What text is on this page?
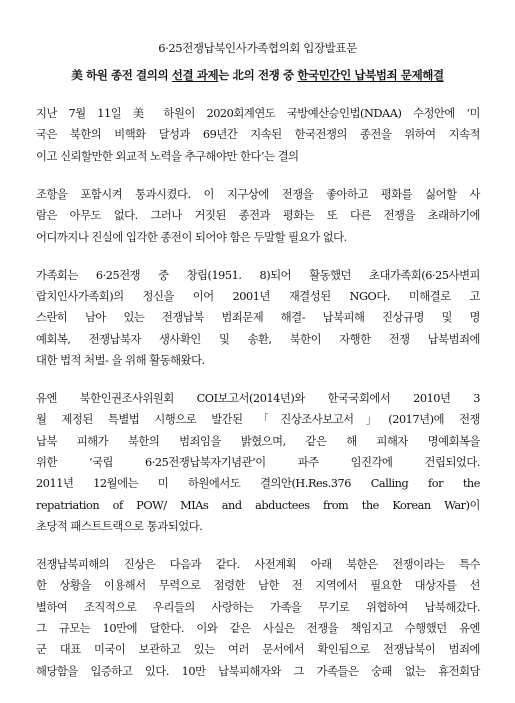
6·25전쟁납북인사가족협의회 입장발표문
美 하원 종전 결의의 선결 과제는 北의 전쟁 중 한국민간인 납북범죄 문제해결
지난 7월 11일 美 하원이 2020회계연도 국방예산승인법(NDAA) 수정안에 ‘미
국은 북한의 비핵화 달성과 69년간 지속된 한국전쟁의 종전을 위하여 지속적
이고 신뢰할만한 외교적 노력을 추구해야만 한다’는 결의
조항을 포함시켜 통과시켰다. 이 지구상에 전쟁을 좋아하고 평화를 싫어할 사
람은 아무도 없다. 그러나 거짓된 종전과 평화는 또 다른 전쟁을 초래하기에
어디까지나 진실에 입각한 종전이 되어야 함은 두말할 필요가 없다.
가족회는 6·25전쟁 중 창립(1951. 8)되어 활동했던 초대가족회(6·25사변피
랍치인사가족회)의 정신을 이어 2001년 재결성된 NGO다. 미해결로 고
스란히 남아 있는 전쟁납북 범죄문제 해결- 납북피해 진상규명 및 명
예회복, 전쟁납북자 생사확인 및 송환, 북한이 자행한 전쟁 납북범죄에
대한 법적 처벌- 을 위해 활동해왔다.
유엔 북한인권조사위원회 COI보고서(2014년)와 한국국회에서 2010년 3
월 제정된 특별법 시행으로 발간된 「진상조사보고서」(2017년)에 전쟁
납북 피해가 북한의 범죄임을 밝혔으며, 같은 해 피해자 명예회복을
위한 ‘국립 6·25전쟁납북자기념관’이 파주 임진각에 건립되었다.
2011년 12월에는 미 하원에서도 결의안(H.Res.376 Calling for the
repatriation of POW/ MIAs and abductees from the Korean War)이
초당적 패스트트랙으로 통과되었다.
전쟁납북피해의 진상은 다음과 같다. 사전계획 아래 북한은 전쟁이라는 특수
한 상황을 이용해서 무력으로 점령한 남한 전 지역에서 필요한 대상자를 선
별하여 조직적으로 우리들의 사랑하는 가족을 무기로 위협하여 납북해갔다.
그 규모는 10만에 달한다. 이와 같은 사실은 전쟁을 책임지고 수행했던 유엔
군 대표 미국이 보관하고 있는 여러 문서에서 확인됨으로 전쟁납북이 범죄에
해당함을 입증하고 있다. 10만 납북피해자와 그 가족들은 숭패 없는 휴전회담
